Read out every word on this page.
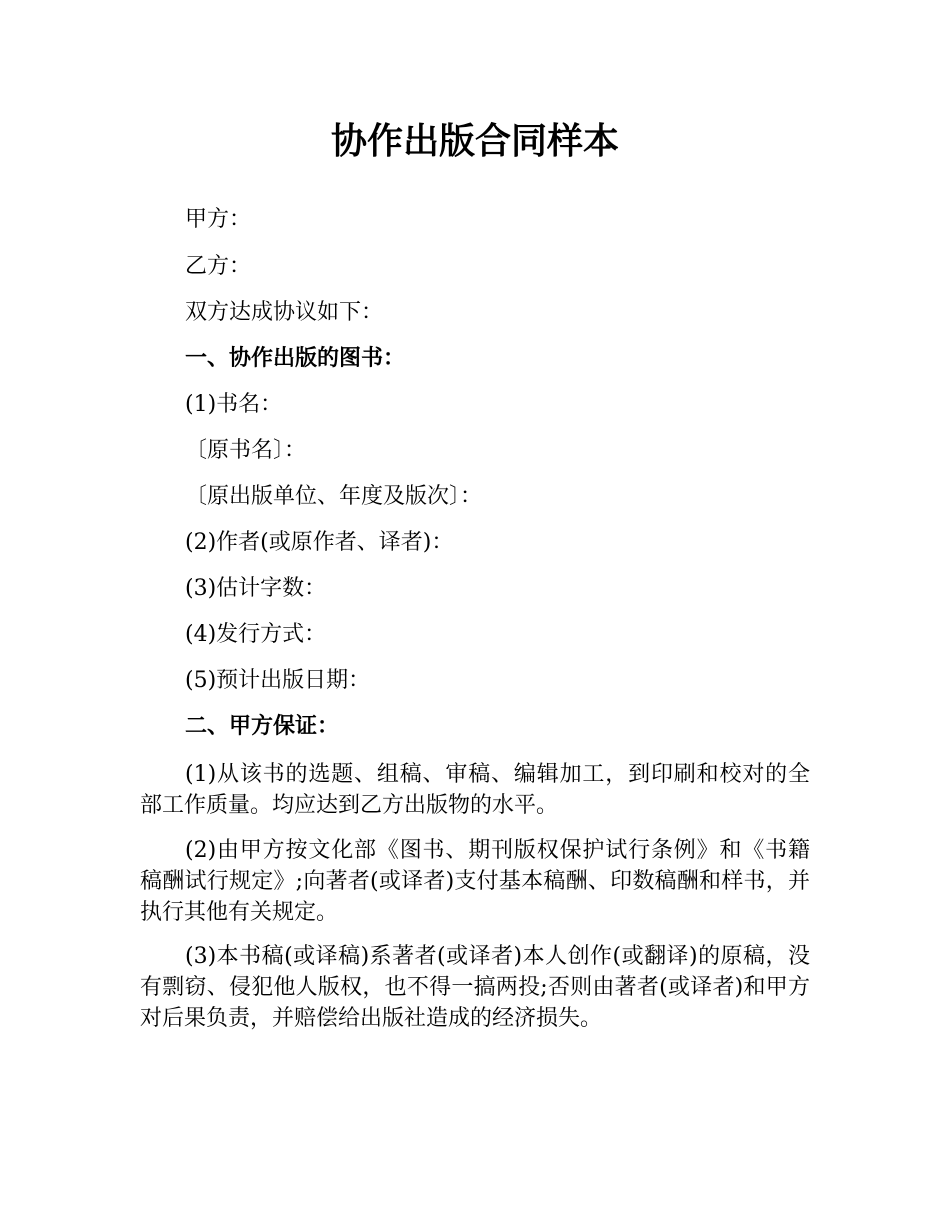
协作出版合同样本

甲方：

乙方：

双方达成协议如下：

一、协作出版的图书：

(1)书名：

〔原书名〕：

〔原出版单位、年度及版次〕：

(2)作者(或原作者、译者)：

(3)估计字数：

(4)发行方式：

(5)预计出版日期：

二、甲方保证：

(1)从该书的选题、组稿、审稿、编辑加工，到印刷和校对的全部工作质量。均应达到乙方出版物的水平。

(2)由甲方按文化部《图书、期刊版权保护试行条例》和《书籍稿酬试行规定》;向著者(或译者)支付基本稿酬、印数稿酬和样书，并执行其他有关规定。

(3)本书稿(或译稿)系著者(或译者)本人创作(或翻译)的原稿，没有剽窃、侵犯他人版权，也不得一搞两投;否则由著者(或译者)和甲方对后果负责，并赔偿给出版社造成的经济损失。
